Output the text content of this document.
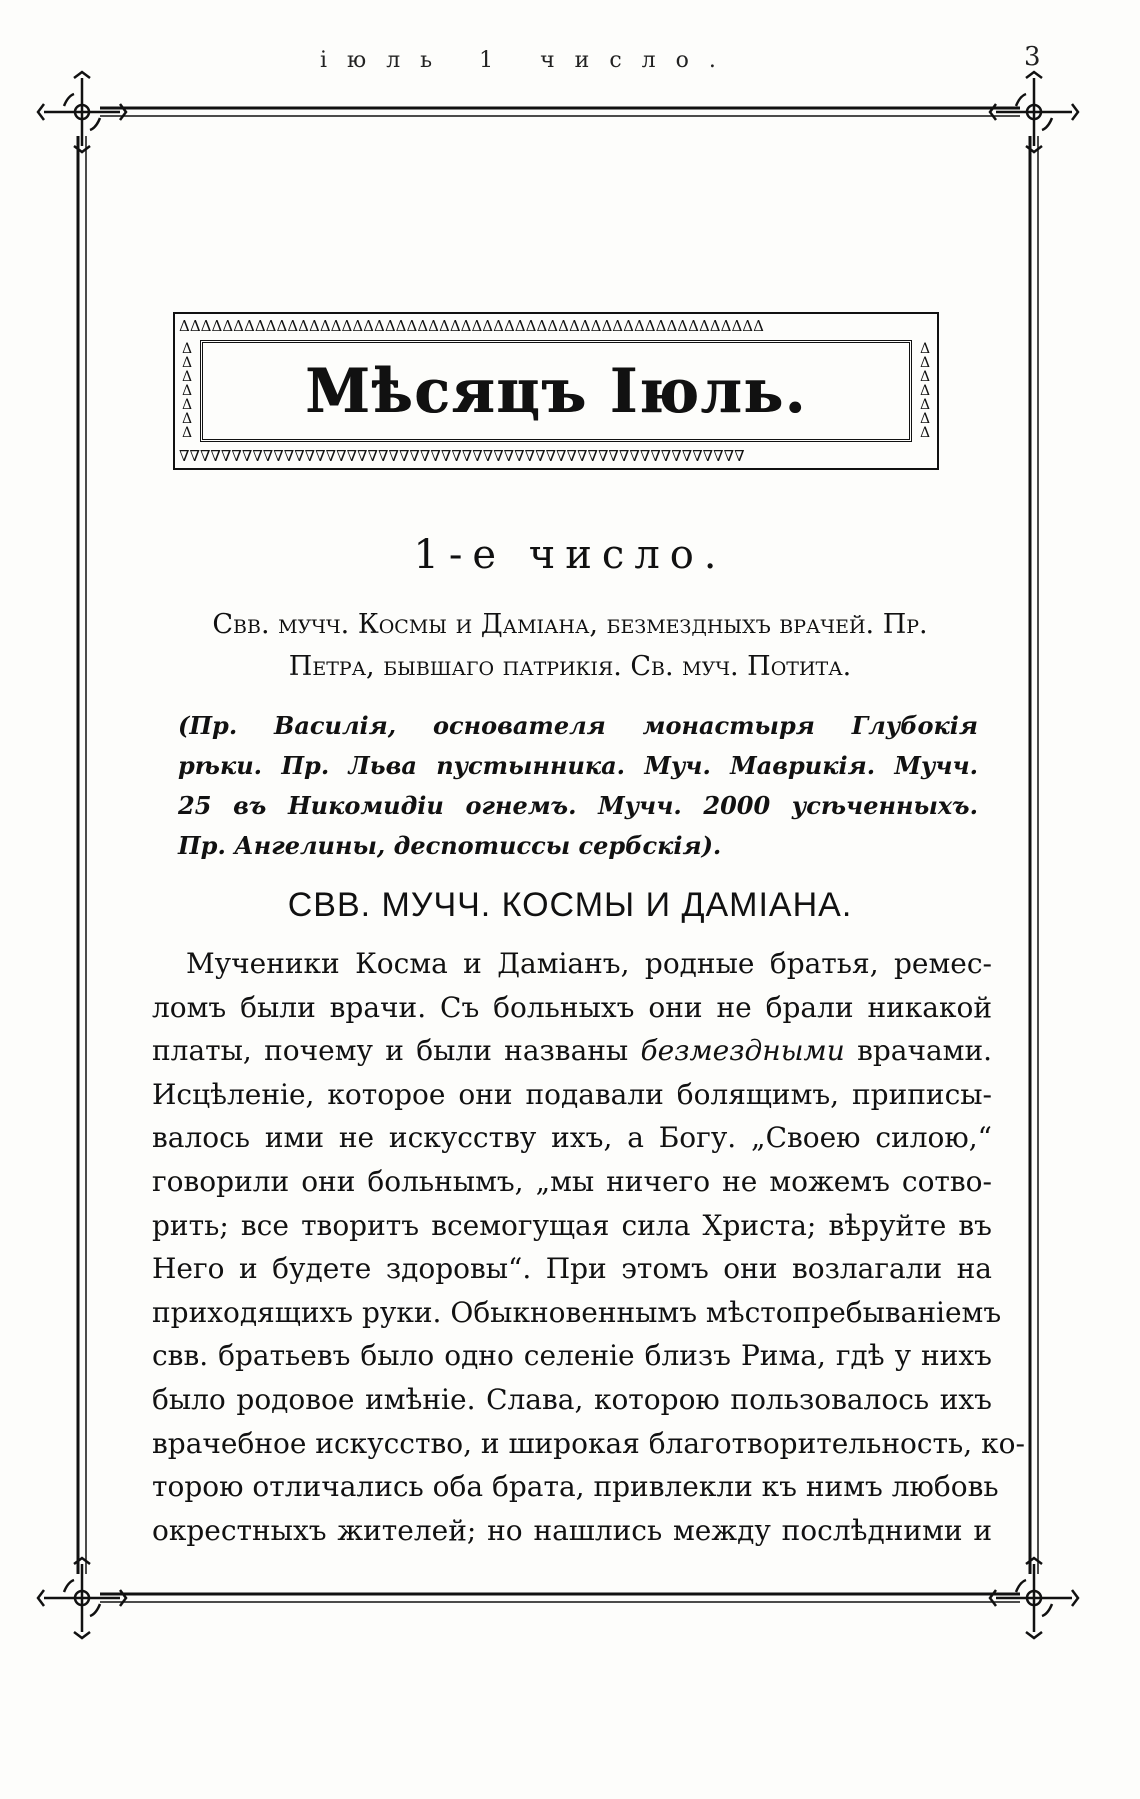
іюль 1 число.	3
ΔΔΔΔΔΔΔΔΔΔΔΔΔΔΔΔΔΔΔΔΔΔΔΔΔΔΔΔΔΔΔΔΔΔΔΔΔΔΔΔΔΔΔΔΔΔΔΔΔΔΔΔΔΔ
∇∇∇∇∇∇∇∇∇∇∇∇∇∇∇∇∇∇∇∇∇∇∇∇∇∇∇∇∇∇∇∇∇∇∇∇∇∇∇∇∇∇∇∇∇∇∇∇∇∇∇∇∇∇
ΔΔΔΔΔΔΔ
ΔΔΔΔΔΔΔ
Мѣсяцъ Іюль.
1-е число.
Свв. мучч. Космы и Даміана, безмездныхъ врачей. Пр.
Петра, бывшаго патрикія. Св. муч. Потита.
(Пр. Василія, основателя монастыря Глубокія
рѣки. Пр. Льва пустынника. Муч. Маврикія. Мучч.
25 въ Никомидіи огнемъ. Мучч. 2000 усѣченныхъ.
Пр. Ангелины, деспотиссы сербскія).
СВВ. МУЧЧ. КОСМЫ И ДАМІАНА.
Мученики Косма и Даміанъ, родные братья, ремес-
ломъ были врачи. Съ больныхъ они не брали никакой
платы, почему и были названы безмездными врачами.
Исцѣленіе, которое они подавали болящимъ, приписы-
валось ими не искусству ихъ, а Богу. „Своею силою,“
говорили они больнымъ, „мы ничего не можемъ сотво-
рить; все творитъ всемогущая сила Христа; вѣруйте въ
Него и будете здоровы“. При этомъ они возлагали на
приходящихъ руки. Обыкновеннымъ мѣстопребываніемъ
свв. братьевъ было одно селеніе близъ Рима, гдѣ у нихъ
было родовое имѣніе. Слава, которою пользовалось ихъ
врачебное искусство, и широкая благотворительность, ко-
торою отличались оба брата, привлекли къ нимъ любовь
окрестныхъ жителей; но нашлись между послѣдними и
